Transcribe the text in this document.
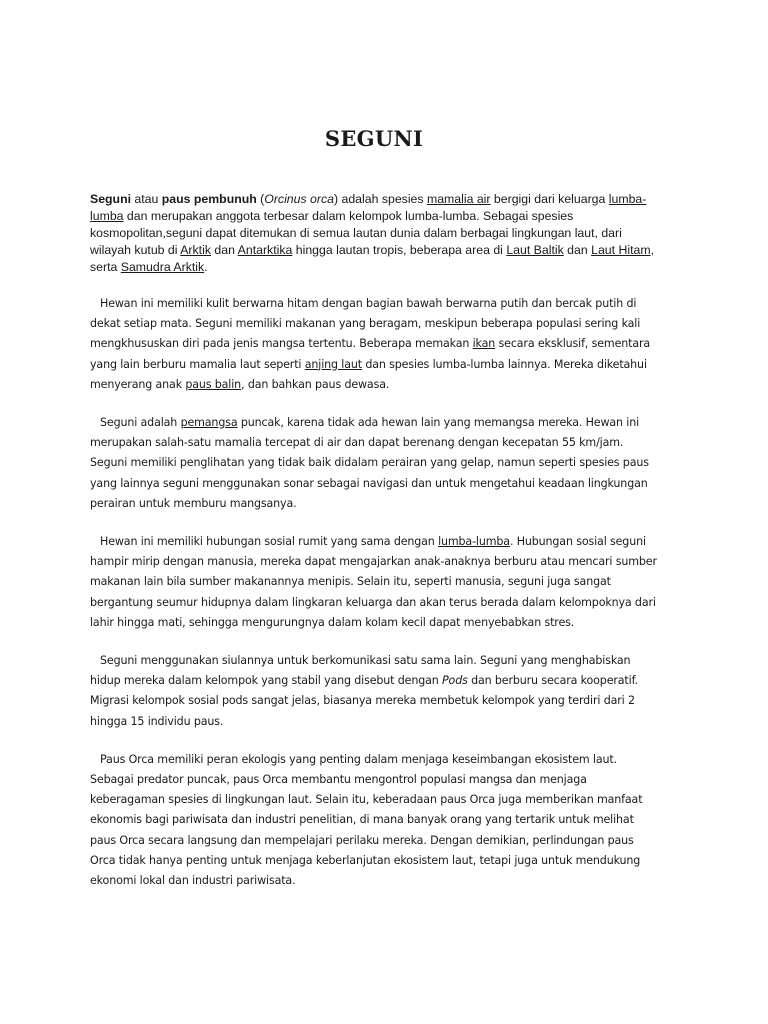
SEGUNI

Seguni atau paus pembunuh (Orcinus orca) adalah spesies mamalia air bergigi dari keluarga lumba-lumba dan merupakan anggota terbesar dalam kelompok lumba-lumba. Sebagai spesies kosmopolitan,seguni dapat ditemukan di semua lautan dunia dalam berbagai lingkungan laut, dari wilayah kutub di Arktik dan Antarktika hingga lautan tropis, beberapa area di Laut Baltik dan Laut Hitam, serta Samudra Arktik.

Hewan ini memiliki kulit berwarna hitam dengan bagian bawah berwarna putih dan bercak putih di dekat setiap mata. Seguni memiliki makanan yang beragam, meskipun beberapa populasi sering kali mengkhususkan diri pada jenis mangsa tertentu. Beberapa memakan ikan secara eksklusif, sementara yang lain berburu mamalia laut seperti anjing laut dan spesies lumba-lumba lainnya. Mereka diketahui menyerang anak paus balin, dan bahkan paus dewasa.

Seguni adalah pemangsa puncak, karena tidak ada hewan lain yang memangsa mereka. Hewan ini merupakan salah-satu mamalia tercepat di air dan dapat berenang dengan kecepatan 55 km/jam. Seguni memiliki penglihatan yang tidak baik didalam perairan yang gelap, namun seperti spesies paus yang lainnya seguni menggunakan sonar sebagai navigasi dan untuk mengetahui keadaan lingkungan perairan untuk memburu mangsanya.

Hewan ini memiliki hubungan sosial rumit yang sama dengan lumba-lumba. Hubungan sosial seguni hampir mirip dengan manusia, mereka dapat mengajarkan anak-anaknya berburu atau mencari sumber makanan lain bila sumber makanannya menipis. Selain itu, seperti manusia, seguni juga sangat bergantung seumur hidupnya dalam lingkaran keluarga dan akan terus berada dalam kelompoknya dari lahir hingga mati, sehingga mengurungnya dalam kolam kecil dapat menyebabkan stres.

Seguni menggunakan siulannya untuk berkomunikasi satu sama lain. Seguni yang menghabiskan hidup mereka dalam kelompok yang stabil yang disebut dengan Pods dan berburu secara kooperatif. Migrasi kelompok sosial pods sangat jelas, biasanya mereka membetuk kelompok yang terdiri dari 2 hingga 15 individu paus.

Paus Orca memiliki peran ekologis yang penting dalam menjaga keseimbangan ekosistem laut. Sebagai predator puncak, paus Orca membantu mengontrol populasi mangsa dan menjaga keberagaman spesies di lingkungan laut. Selain itu, keberadaan paus Orca juga memberikan manfaat ekonomis bagi pariwisata dan industri penelitian, di mana banyak orang yang tertarik untuk melihat paus Orca secara langsung dan mempelajari perilaku mereka. Dengan demikian, perlindungan paus Orca tidak hanya penting untuk menjaga keberlanjutan ekosistem laut, tetapi juga untuk mendukung ekonomi lokal dan industri pariwisata.
